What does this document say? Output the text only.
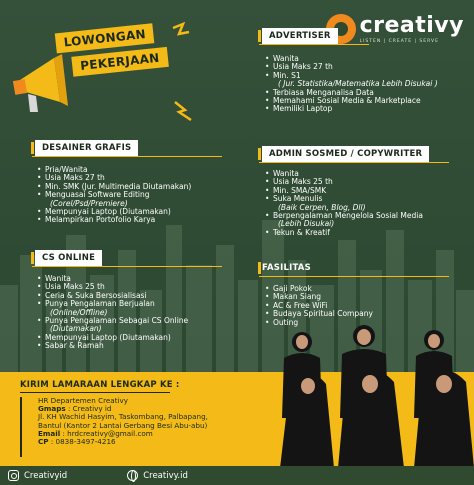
creativy
LISTEN | CREATE | SERVE
LOWONGAN
PEKERJAAN
DESAINER GRAFIS
• Pria/Wanita
• Usia Maks 27 th
• Min. SMK (Jur. Multimedia Diutamakan)
• Menguasai Software Editing
(Corel/Psd/Premiere)
• Mempunyai Laptop (Diutamakan)
• Melampirkan Portofolio Karya
CS ONLINE
• Wanita
• Usia Maks 25 th
• Ceria & Suka Bersosialisasi
• Punya Pengalaman Berjualan
(Online/Offline)
• Punya Pengalaman Sebagai CS Online
(Diutamakan)
• Mempunyai Laptop (Diutamakan)
• Sabar & Ramah
ADVERTISER
• Wanita
• Usia Maks 27 th
• Min. S1
( Jur. Statistika/Matematika Lebih Disukai )
• Terbiasa Menganalisa Data
• Memahami Sosial Media & Marketplace
• Memiliki Laptop
ADMIN SOSMED / COPYWRITER
• Wanita
• Usia Maks 25 th
• Min. SMA/SMK
• Suka Menulis
(Baik Cerpen, Blog, Dll)
• Berpengalaman Mengelola Sosial Media
(Lebih Disukai)
• Tekun & Kreatif
FASILITAS
• Gaji Pokok
• Makan Siang
• AC & Free WiFi
• Budaya Spiritual Company
• Outing
KIRIM LAMARAAN LENGKAP KE :
HR Departemen Creativy
Gmaps : Creativy id
Jl. KH Wachid Hasyim, Taskombang, Palbapang,
Bantul (Kantor 2 Lantai Gerbang Besi Abu-abu)
Email : hrdcreativy@gmail.com
CP : 0838-3497-4216
Creativyid	Creativy.id
